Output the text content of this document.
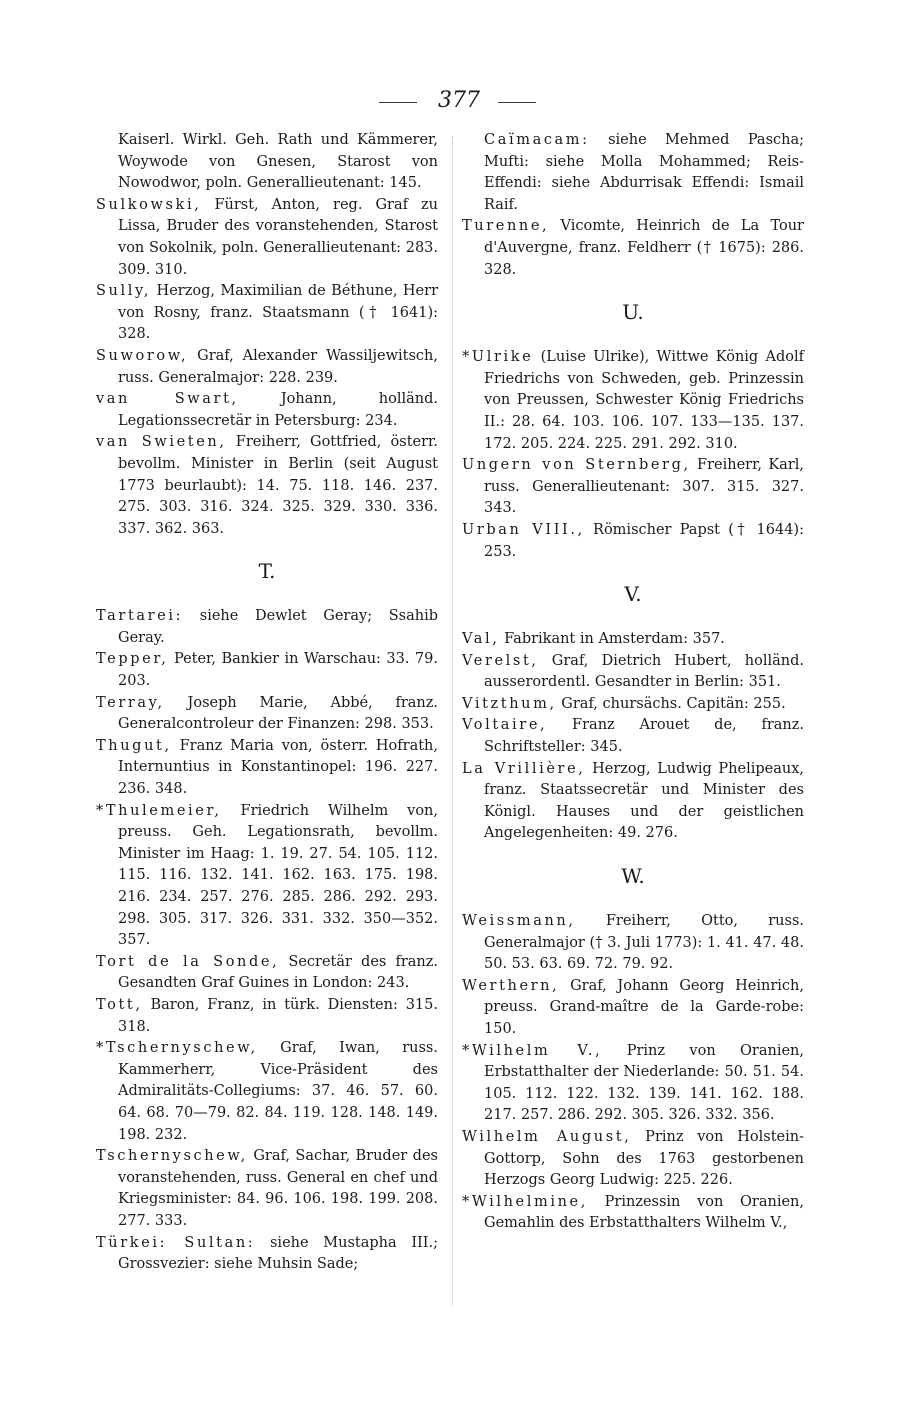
377

Kaiserl. Wirkl. Geh. Rath und Kämmerer, Woywode von Gnesen, Starost von Nowodwor, poln. Generallieutenant: 145.

Sulkowski, Fürst, Anton, reg. Graf zu Lissa, Bruder des voranstehenden, Starost von Sokolnik, poln. Generallieutenant: 283. 309. 310.

Sully, Herzog, Maximilian de Béthune, Herr von Rosny, franz. Staatsmann († 1641): 328.

Suworow, Graf, Alexander Wassiljewitsch, russ. Generalmajor: 228. 239.

van Swart, Johann, holländ. Legationssecretär in Petersburg: 234.

van Swieten, Freiherr, Gottfried, österr. bevollm. Minister in Berlin (seit August 1773 beurlaubt): 14. 75. 118. 146. 237. 275. 303. 316. 324. 325. 329. 330. 336. 337. 362. 363.

T.

Tartarei: siehe Dewlet Geray; Ssahib Geray.

Tepper, Peter, Bankier in Warschau: 33. 79. 203.

Terray, Joseph Marie, Abbé, franz. Generalcontroleur der Finanzen: 298. 353.

Thugut, Franz Maria von, österr. Hofrath, Internuntius in Konstantinopel: 196. 227. 236. 348.

*Thulemeier, Friedrich Wilhelm von, preuss. Geh. Legationsrath, bevollm. Minister im Haag: 1. 19. 27. 54. 105. 112. 115. 116. 132. 141. 162. 163. 175. 198. 216. 234. 257. 276. 285. 286. 292. 293. 298. 305. 317. 326. 331. 332. 350—352. 357.

Tort de la Sonde, Secretär des franz. Gesandten Graf Guines in London: 243.

Tott, Baron, Franz, in türk. Diensten: 315. 318.

*Tschernyschew, Graf, Iwan, russ. Kammerherr, Vice-Präsident des Admiralitäts-Collegiums: 37. 46. 57. 60. 64. 68. 70—79. 82. 84. 119. 128. 148. 149. 198. 232.

Tschernyschew, Graf, Sachar, Bruder des voranstehenden, russ. General en chef und Kriegsminister: 84. 96. 106. 198. 199. 208. 277. 333.

Türkei: Sultan: siehe Mustapha III.; Grossvezier: siehe Muhsin Sade;

Caïmacam: siehe Mehmed Pascha; Mufti: siehe Molla Mohammed; Reis-Effendi: siehe Abdurrisak Effendi: Ismail Raif.

Turenne, Vicomte, Heinrich de La Tour d'Auvergne, franz. Feldherr († 1675): 286. 328.

U.

*Ulrike (Luise Ulrike), Wittwe König Adolf Friedrichs von Schweden, geb. Prinzessin von Preussen, Schwester König Friedrichs II.: 28. 64. 103. 106. 107. 133—135. 137. 172. 205. 224. 225. 291. 292. 310.

Ungern von Sternberg, Freiherr, Karl, russ. Generallieutenant: 307. 315. 327. 343.

Urban VIII., Römischer Papst († 1644): 253.

V.

Val, Fabrikant in Amsterdam: 357.

Verelst, Graf, Dietrich Hubert, holländ. ausserordentl. Gesandter in Berlin: 351.

Vitzthum, Graf, chursächs. Capitän: 255.

Voltaire, Franz Arouet de, franz. Schriftsteller: 345.

La Vrillière, Herzog, Ludwig Phelipeaux, franz. Staatssecretär und Minister des Königl. Hauses und der geistlichen Angelegenheiten: 49. 276.

W.

Weissmann, Freiherr, Otto, russ. Generalmajor († 3. Juli 1773): 1. 41. 47. 48. 50. 53. 63. 69. 72. 79. 92.

Werthern, Graf, Johann Georg Heinrich, preuss. Grand-maître de la Garde-robe: 150.

*Wilhelm V., Prinz von Oranien, Erbstatthalter der Niederlande: 50. 51. 54. 105. 112. 122. 132. 139. 141. 162. 188. 217. 257. 286. 292. 305. 326. 332. 356.

Wilhelm August, Prinz von Holstein-Gottorp, Sohn des 1763 gestorbenen Herzogs Georg Ludwig: 225. 226.

*Wilhelmine, Prinzessin von Oranien, Gemahlin des Erbstatthalters Wilhelm V.,
